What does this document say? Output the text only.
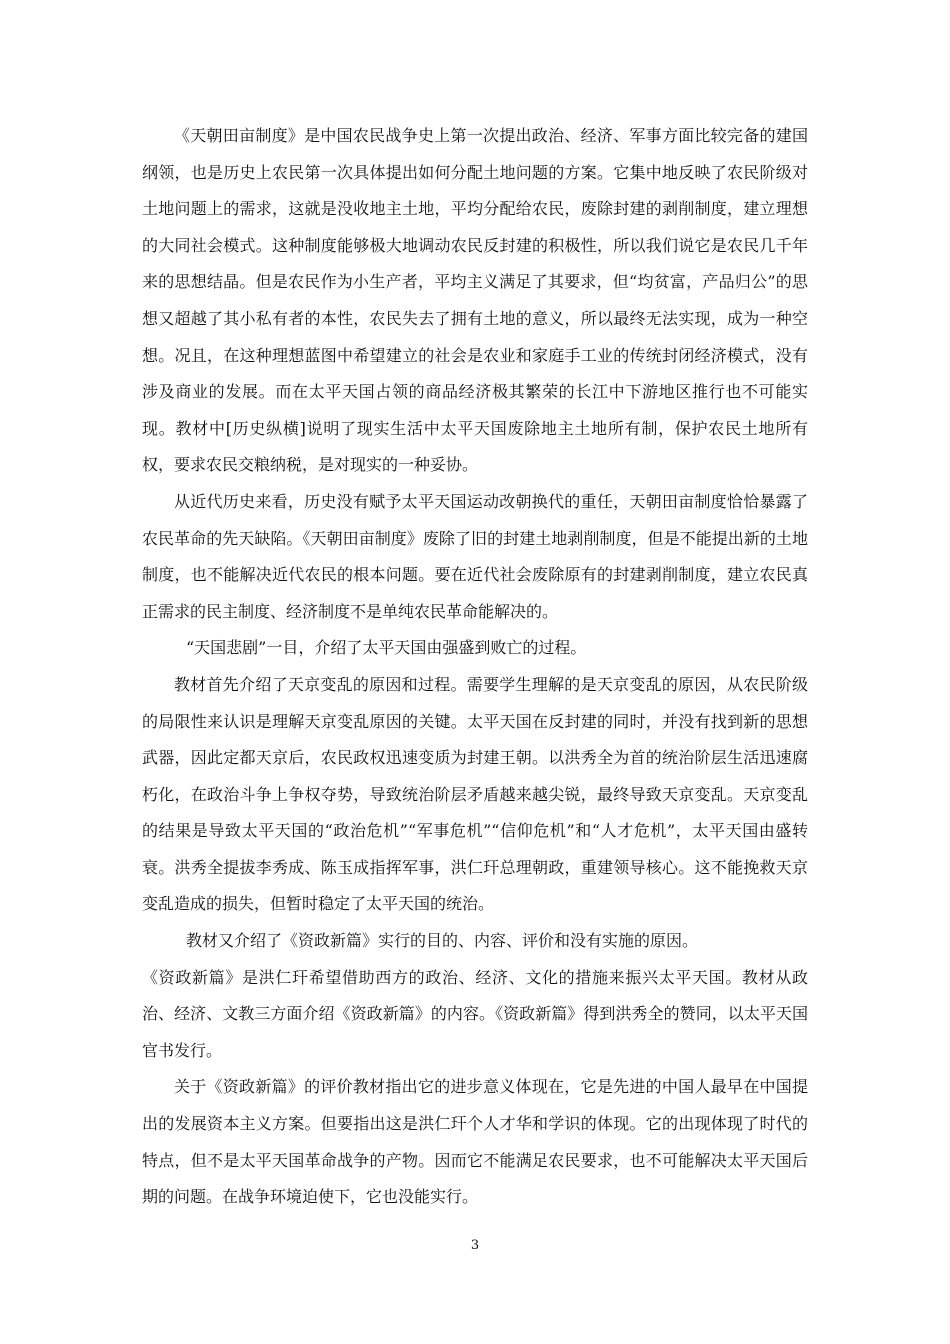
《天朝田亩制度》是中国农民战争史上第一次提出政治、经济、军事方面比较完备的建国纲领，也是历史上农民第一次具体提出如何分配土地问题的方案。它集中地反映了农民阶级对土地问题上的需求，这就是没收地主土地，平均分配给农民，废除封建的剥削制度，建立理想的大同社会模式。这种制度能够极大地调动农民反封建的积极性，所以我们说它是农民几千年来的思想结晶。但是农民作为小生产者，平均主义满足了其要求，但“均贫富，产品归公”的思想又超越了其小私有者的本性，农民失去了拥有土地的意义，所以最终无法实现，成为一种空想。况且，在这种理想蓝图中希望建立的社会是农业和家庭手工业的传统封闭经济模式，没有涉及商业的发展。而在太平天国占领的商品经济极其繁荣的长江中下游地区推行也不可能实现。教材中[历史纵横]说明了现实生活中太平天国废除地主土地所有制，保护农民土地所有权，要求农民交粮纳税，是对现实的一种妥协。

从近代历史来看，历史没有赋予太平天国运动改朝换代的重任，天朝田亩制度恰恰暴露了农民革命的先天缺陷。《天朝田亩制度》废除了旧的封建土地剥削制度，但是不能提出新的土地制度，也不能解决近代农民的根本问题。要在近代社会废除原有的封建剥削制度，建立农民真正需求的民主制度、经济制度不是单纯农民革命能解决的。

“天国悲剧”一目，介绍了太平天国由强盛到败亡的过程。

教材首先介绍了天京变乱的原因和过程。需要学生理解的是天京变乱的原因，从农民阶级的局限性来认识是理解天京变乱原因的关键。太平天国在反封建的同时，并没有找到新的思想武器，因此定都天京后，农民政权迅速变质为封建王朝。以洪秀全为首的统治阶层生活迅速腐朽化，在政治斗争上争权夺势，导致统治阶层矛盾越来越尖锐，最终导致天京变乱。天京变乱的结果是导致太平天国的“政治危机”“军事危机”“信仰危机”和“人才危机”，太平天国由盛转衰。洪秀全提拔李秀成、陈玉成指挥军事，洪仁玕总理朝政，重建领导核心。这不能挽救天京变乱造成的损失，但暂时稳定了太平天国的统治。

教材又介绍了《资政新篇》实行的目的、内容、评价和没有实施的原因。

《资政新篇》是洪仁玕希望借助西方的政治、经济、文化的措施来振兴太平天国。教材从政治、经济、文教三方面介绍《资政新篇》的内容。《资政新篇》得到洪秀全的赞同，以太平天国官书发行。

关于《资政新篇》的评价教材指出它的进步意义体现在，它是先进的中国人最早在中国提出的发展资本主义方案。但要指出这是洪仁玕个人才华和学识的体现。它的出现体现了时代的特点，但不是太平天国革命战争的产物。因而它不能满足农民要求，也不可能解决太平天国后期的问题。在战争环境迫使下，它也没能实行。

3
